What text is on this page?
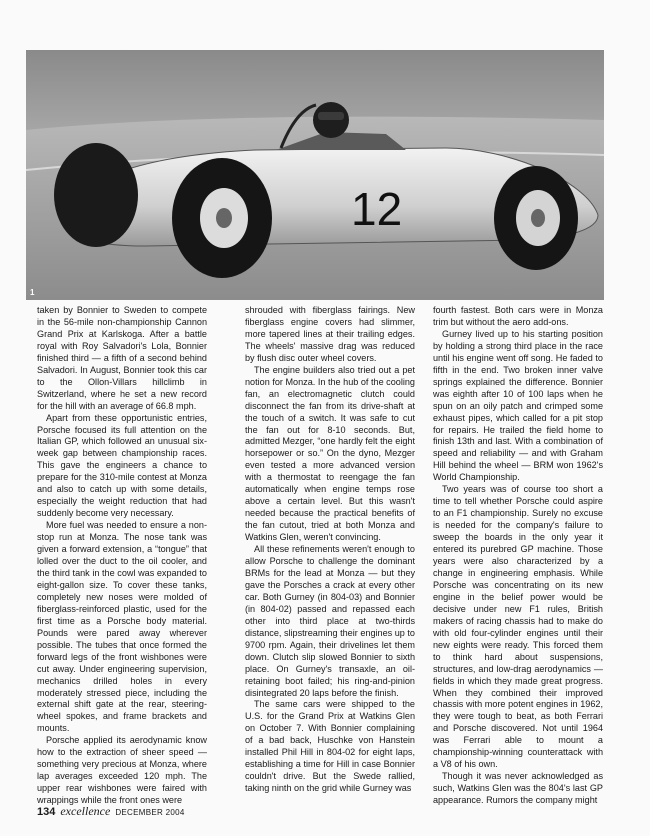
12
1

taken by Bonnier to Sweden to compete in the 56-mile non-championship Cannon Grand Prix at Karlskoga. After a battle royal with Roy Salvadori's Lola, Bonnier finished third — a fifth of a second behind Salvadori. In August, Bonnier took this car to the Ollon-Villars hillclimb in Switzerland, where he set a new record for the hill with an average of 66.8 mph.

Apart from these opportunistic entries, Porsche focused its full attention on the Italian GP, which followed an unusual six-week gap between championship races. This gave the engineers a chance to prepare for the 310-mile contest at Monza and also to catch up with some details, especially the weight reduction that had suddenly become very necessary.

More fuel was needed to ensure a non-stop run at Monza. The nose tank was given a forward extension, a “tongue” that lolled over the duct to the oil cooler, and the third tank in the cowl was expanded to eight-gallon size. To cover these tanks, completely new noses were molded of fiberglass-reinforced plastic, used for the first time as a Porsche body material. Pounds were pared away wherever possible. The tubes that once formed the forward legs of the front wishbones were cut away. Under engineering supervision, mechanics drilled holes in every moderately stressed piece, including the external shift gate at the rear, steering-wheel spokes, and frame brackets and mounts.

Porsche applied its aerodynamic know how to the extraction of sheer speed — something very precious at Monza, where lap averages exceeded 120 mph. The upper rear wishbones were faired with wrappings while the front ones were

shrouded with fiberglass fairings. New fiberglass engine covers had slimmer, more tapered lines at their trailing edges. The wheels' massive drag was reduced by flush disc outer wheel covers.

The engine builders also tried out a pet notion for Monza. In the hub of the cooling fan, an electromagnetic clutch could disconnect the fan from its drive-shaft at the touch of a switch. It was safe to cut the fan out for 8-10 seconds. But, admitted Mezger, “one hardly felt the eight horsepower or so.” On the dyno, Mezger even tested a more advanced version with a thermostat to reengage the fan automatically when engine temps rose above a certain level. But this wasn't needed because the practical benefits of the fan cutout, tried at both Monza and Watkins Glen, weren't convincing.

All these refinements weren't enough to allow Porsche to challenge the dominant BRMs for the lead at Monza — but they gave the Porsches a crack at every other car. Both Gurney (in 804-03) and Bonnier (in 804-02) passed and repassed each other into third place at two-thirds distance, slipstreaming their engines up to 9700 rpm. Again, their drivelines let them down. Clutch slip slowed Bonnier to sixth place. On Gurney's transaxle, an oil-retaining boot failed; his ring-and-pinion disintegrated 20 laps before the finish.

The same cars were shipped to the U.S. for the Grand Prix at Watkins Glen on October 7. With Bonnier complaining of a bad back, Huschke von Hanstein installed Phil Hill in 804-02 for eight laps, establishing a time for Hill in case Bonnier couldn't drive. But the Swede rallied, taking ninth on the grid while Gurney was

fourth fastest. Both cars were in Monza trim but without the aero add-ons.

Gurney lived up to his starting position by holding a strong third place in the race until his engine went off song. He faded to fifth in the end. Two broken inner valve springs explained the difference. Bonnier was eighth after 10 of 100 laps when he spun on an oily patch and crimped some exhaust pipes, which called for a pit stop for repairs. He trailed the field home to finish 13th and last. With a combination of speed and reliability — and with Graham Hill behind the wheel — BRM won 1962's World Championship.

Two years was of course too short a time to tell whether Porsche could aspire to an F1 championship. Surely no excuse is needed for the company's failure to sweep the boards in the only year it entered its purebred GP machine. Those years were also characterized by a change in engineering emphasis. While Porsche was concentrating on its new engine in the belief power would be decisive under new F1 rules, British makers of racing chassis had to make do with old four-cylinder engines until their new eights were ready. This forced them to think hard about suspensions, structures, and low-drag aerodynamics — fields in which they made great progress. When they combined their improved chassis with more potent engines in 1962, they were tough to beat, as both Ferrari and Porsche discovered. Not until 1964 was Ferrari able to mount a championship-winning counterattack with a V8 of his own.

Though it was never acknowledged as such, Watkins Glen was the 804's last GP appearance. Rumors the company might

134 excellence DECEMBER 2004
